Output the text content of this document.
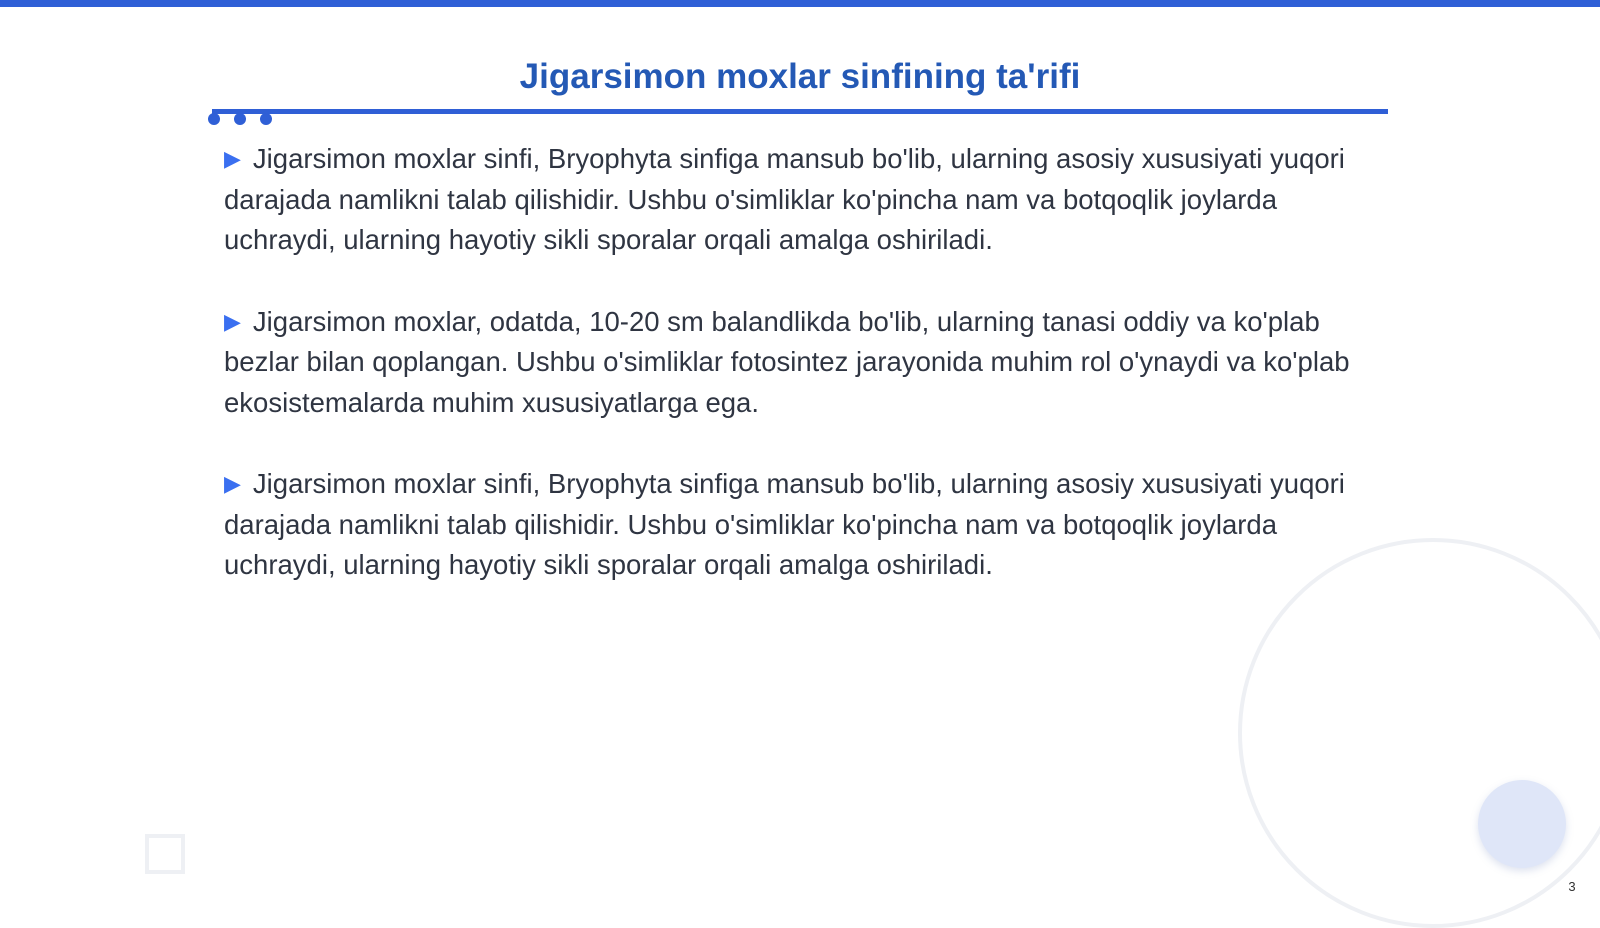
Jigarsimon moxlar sinfining ta'rifi

▶ Jigarsimon moxlar sinfi, Bryophyta sinfiga mansub bo'lib, ularning asosiy xususiyati yuqori darajada namlikni talab qilishidir. Ushbu o'simliklar ko'pincha nam va botqoqlik joylarda uchraydi, ularning hayotiy sikli sporalar orqali amalga oshiriladi.

▶ Jigarsimon moxlar, odatda, 10-20 sm balandlikda bo'lib, ularning tanasi oddiy va ko'plab bezlar bilan qoplangan. Ushbu o'simliklar fotosintez jarayonida muhim rol o'ynaydi va ko'plab ekosistemalarda muhim xususiyatlarga ega.

▶ Jigarsimon moxlar sinfi, Bryophyta sinfiga mansub bo'lib, ularning asosiy xususiyati yuqori darajada namlikni talab qilishidir. Ushbu o'simliklar ko'pincha nam va botqoqlik joylarda uchraydi, ularning hayotiy sikli sporalar orqali amalga oshiriladi.

3
